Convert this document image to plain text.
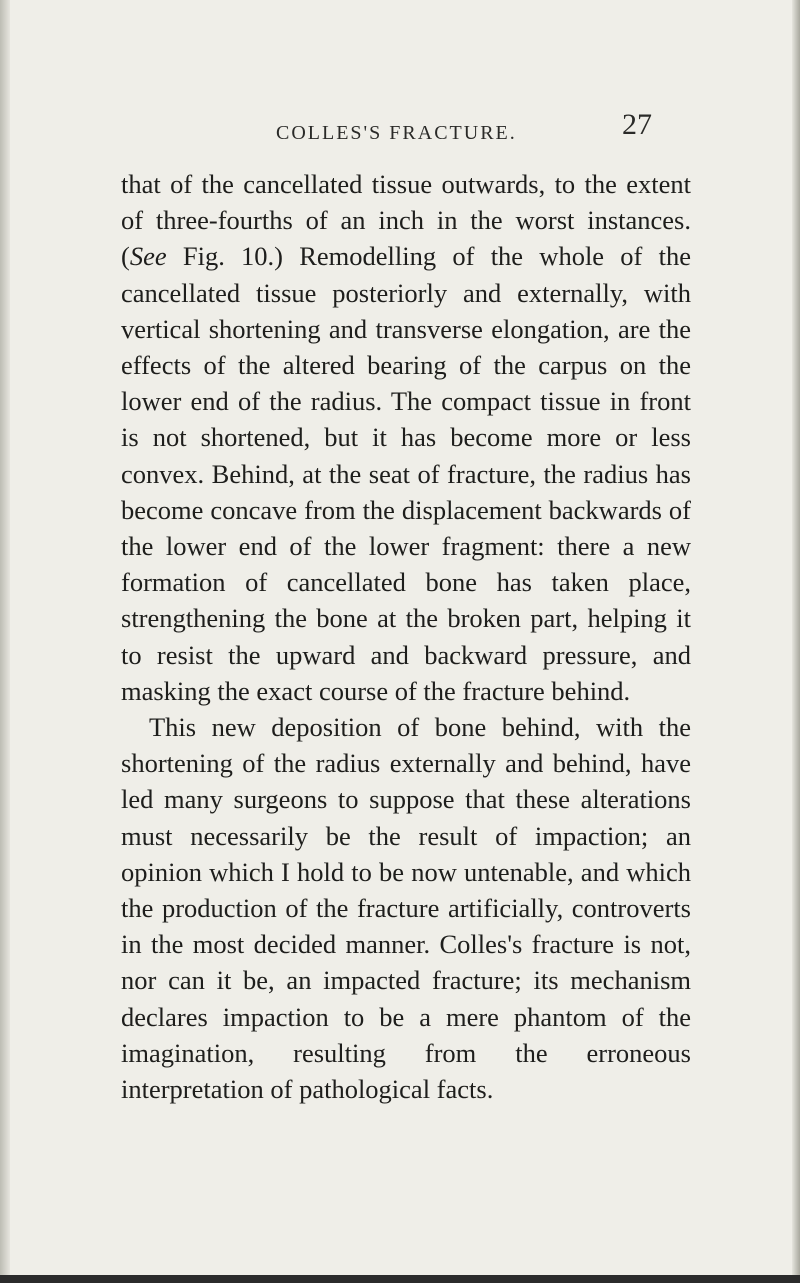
COLLES'S FRACTURE.	27

that of the cancellated tissue outwards, to the extent of three-fourths of an inch in the worst instances. (See Fig. 10.) Remodelling of the whole of the cancellated tissue posteriorly and externally, with vertical shortening and transverse elongation, are the effects of the altered bearing of the carpus on the lower end of the radius. The compact tissue in front is not shortened, but it has become more or less convex. Behind, at the seat of fracture, the radius has become concave from the displacement backwards of the lower end of the lower fragment: there a new formation of cancellated bone has taken place, strengthening the bone at the broken part, helping it to resist the upward and backward pressure, and masking the exact course of the fracture behind.

This new deposition of bone behind, with the shortening of the radius externally and behind, have led many surgeons to suppose that these alterations must necessarily be the result of impaction; an opinion which I hold to be now untenable, and which the production of the fracture artificially, controverts in the most decided manner. Colles's fracture is not, nor can it be, an impacted fracture; its mechanism declares impaction to be a mere phantom of the imagination, resulting from the erroneous interpretation of pathological facts.
